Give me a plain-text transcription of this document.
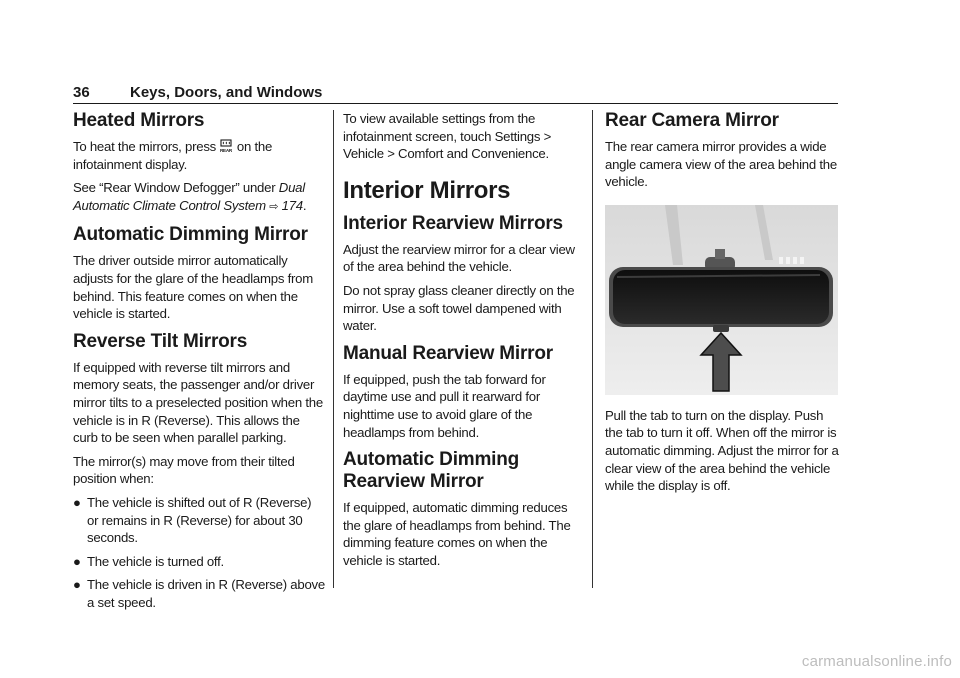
36	Keys, Doors, and Windows
Heated Mirrors

To heat the mirrors, press REAR on the infotainment display.

See “Rear Window Defogger” under Dual Automatic Climate Control System ⇨ 174.

Automatic Dimming Mirror

The driver outside mirror automatically adjusts for the glare of the headlamps from behind. This feature comes on when the vehicle is started.

Reverse Tilt Mirrors

If equipped with reverse tilt mirrors and memory seats, the passenger and/or driver mirror tilts to a preselected position when the vehicle is in R (Reverse). This allows the curb to be seen when parallel parking.

The mirror(s) may move from their tilted position when:

● The vehicle is shifted out of R (Reverse) or remains in R (Reverse) for about 30 seconds.
● The vehicle is turned off.
● The vehicle is driven in R (Reverse) above a set speed.

To view available settings from the infotainment screen, touch Settings > Vehicle > Comfort and Convenience.

Interior Mirrors
Interior Rearview Mirrors

Adjust the rearview mirror for a clear view of the area behind the vehicle.

Do not spray glass cleaner directly on the mirror. Use a soft towel dampened with water.

Manual Rearview Mirror

If equipped, push the tab forward for daytime use and pull it rearward for nighttime use to avoid glare of the headlamps from behind.

Automatic Dimming Rearview Mirror

If equipped, automatic dimming reduces the glare of headlamps from behind. The dimming feature comes on when the vehicle is started.

Rear Camera Mirror

The rear camera mirror provides a wide angle camera view of the area behind the vehicle.

Pull the tab to turn on the display. Push the tab to turn it off. When off the mirror is automatic dimming. Adjust the mirror for a clear view of the area behind the vehicle while the display is off.

carmanualsonline.info
